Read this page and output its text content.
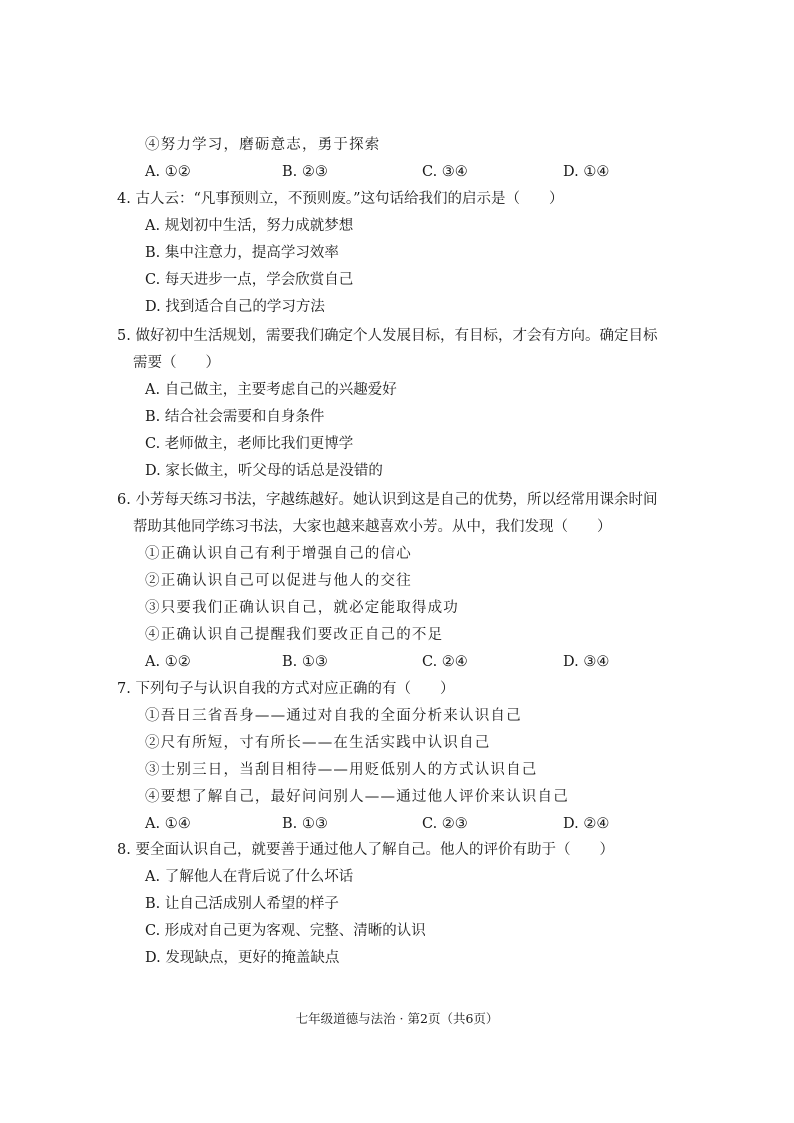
④努力学习，磨砺意志，勇于探索
A. ①②	B. ②③	C. ③④	D. ①④
4. 古人云：“凡事预则立，不预则废。”这句话给我们的启示是（　　）
A. 规划初中生活，努力成就梦想
B. 集中注意力，提高学习效率
C. 每天进步一点，学会欣赏自己
D. 找到适合自己的学习方法
5. 做好初中生活规划，需要我们确定个人发展目标，有目标，才会有方向。确定目标
需要（　　）
A. 自己做主，主要考虑自己的兴趣爱好
B. 结合社会需要和自身条件
C. 老师做主，老师比我们更博学
D. 家长做主，听父母的话总是没错的
6. 小芳每天练习书法，字越练越好。她认识到这是自己的优势，所以经常用课余时间
帮助其他同学练习书法，大家也越来越喜欢小芳。从中，我们发现（　　）
①正确认识自己有利于增强自己的信心
②正确认识自己可以促进与他人的交往
③只要我们正确认识自己，就必定能取得成功
④正确认识自己提醒我们要改正自己的不足
A. ①②	B. ①③	C. ②④	D. ③④
7. 下列句子与认识自我的方式对应正确的有（　　）
①吾日三省吾身——通过对自我的全面分析来认识自己
②尺有所短，寸有所长——在生活实践中认识自己
③士别三日，当刮目相待——用贬低别人的方式认识自己
④要想了解自己，最好问问别人——通过他人评价来认识自己
A. ①④	B. ①③	C. ②③	D. ②④
8. 要全面认识自己，就要善于通过他人了解自己。他人的评价有助于（　　）
A. 了解他人在背后说了什么坏话
B. 让自己活成别人希望的样子
C. 形成对自己更为客观、完整、清晰的认识
D. 发现缺点，更好的掩盖缺点
七年级道德与法治 · 第2页（共6页）
